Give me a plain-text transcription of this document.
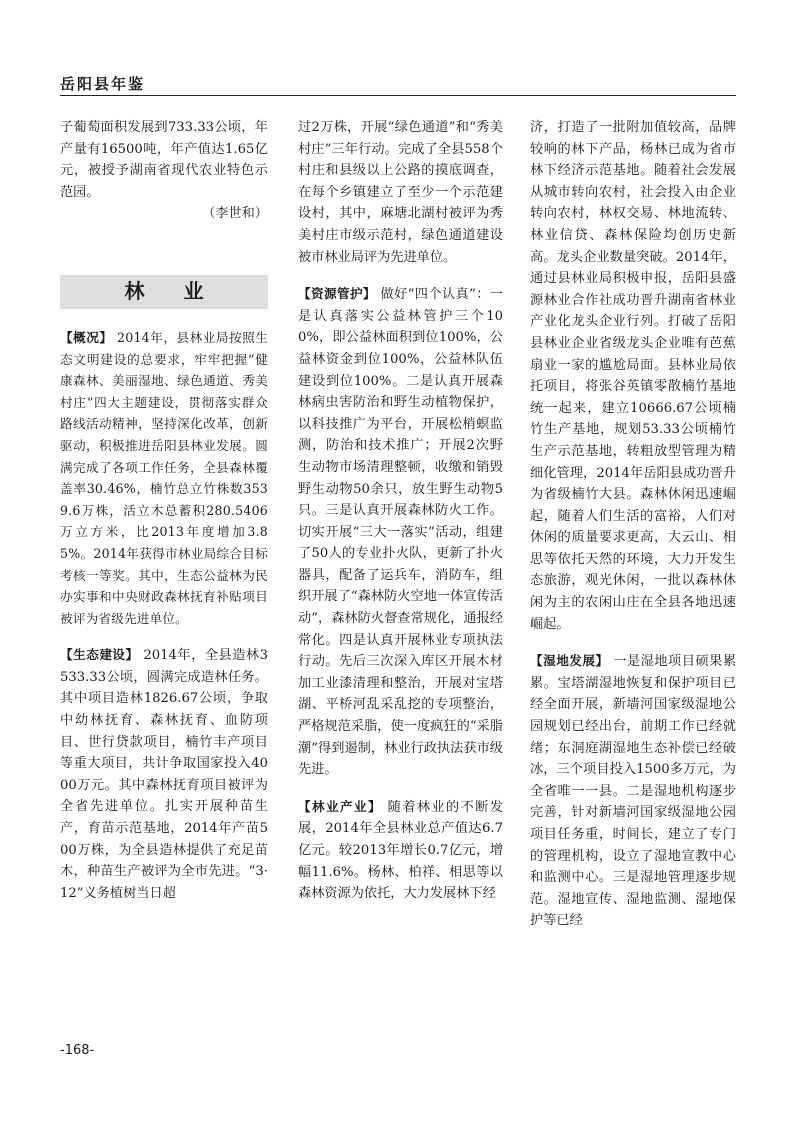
岳阳县年鉴

子葡萄面积发展到733.33公顷，年产量有16500吨，年产值达1.65亿元，被授予湖南省现代农业特色示范园。

（李世和）

林 业

【概况】 2014年，县林业局按照生态文明建设的总要求，牢牢把握“健康森林、美丽湿地、绿色通道、秀美村庄”四大主题建设，贯彻落实群众路线活动精神，坚持深化改革，创新驱动，积极推进岳阳县林业发展。圆满完成了各项工作任务，全县森林覆盖率30.46%，楠竹总立竹株数3539.6万株，活立木总蓄积280.5406万立方米，比2013年度增加3.85%。2014年获得市林业局综合目标考核一等奖。其中，生态公益林为民办实事和中央财政森林抚育补贴项目被评为省级先进单位。

【生态建设】 2014年，全县造林3533.33公顷，圆满完成造林任务。其中项目造林1826.67公顷，争取中幼林抚育、森林抚育、血防项目、世行贷款项目，楠竹丰产项目等重大项目，共计争取国家投入4000万元。其中森林抚育项目被评为全省先进单位。扎实开展种苗生产，育苗示范基地，2014年产苗500万株，为全县造林提供了充足苗木，种苗生产被评为全市先进。“3·12”义务植树当日超

过2万株，开展“绿色通道”和“秀美村庄”三年行动。完成了全县558个村庄和县级以上公路的摸底调查，在每个乡镇建立了至少一个示范建设村，其中，麻塘北湖村被评为秀美村庄市级示范村，绿色通道建设被市林业局评为先进单位。

【资源管护】 做好“四个认真”：一是认真落实公益林管护三个100%，即公益林面积到位100%，公益林资金到位100%，公益林队伍建设到位100%。二是认真开展森林病虫害防治和野生动植物保护，以科技推广为平台，开展松梢螟监测，防治和技术推广；开展2次野生动物市场清理整顿，收缴和销毁野生动物50余只，放生野生动物5只。三是认真开展森林防火工作。切实开展“三大一落实”活动，组建了50人的专业扑火队，更新了扑火器具，配备了运兵车，消防车，组织开展了“森林防火空地一体宣传活动”，森林防火督查常规化，通报经常化。四是认真开展林业专项执法行动。先后三次深入库区开展木材加工业漆清理和整治，开展对宝塔湖、平桥河乱采乱挖的专项整治，严格规范采脂，使一度疯狂的“采脂潮”得到遏制，林业行政执法获市级先进。

【林业产业】 随着林业的不断发展，2014年全县林业总产值达6.7亿元。较2013年增长0.7亿元，增幅11.6%。杨林、柏祥、相思等以森林资源为依托，大力发展林下经

济，打造了一批附加值较高，品牌较响的林下产品，杨林已成为省市林下经济示范基地。随着社会发展从城市转向农村，社会投入由企业转向农村，林权交易、林地流转、林业信贷、森林保险均创历史新高。龙头企业数量突破。2014年，通过县林业局积极申报，岳阳县盛源林业合作社成功晋升湖南省林业产业化龙头企业行列。打破了岳阳县林业企业省级龙头企业唯有芭蕉扇业一家的尴尬局面。县林业局依托项目，将张谷英镇零散楠竹基地统一起来，建立10666.67公顷楠竹生产基地，规划53.33公顷楠竹生产示范基地，转粗放型管理为精细化管理，2014年岳阳县成功晋升为省级楠竹大县。森林休闲迅速崛起，随着人们生活的富裕，人们对休闲的质量要求更高，大云山、相思等依托天然的环境，大力开发生态旅游，观光休闲，一批以森林休闲为主的农闲山庄在全县各地迅速崛起。

【湿地发展】 一是湿地项目硕果累累。宝塔湖湿地恢复和保护项目已经全面开展，新墙河国家级湿地公园规划已经出台，前期工作已经就绪；东洞庭湖湿地生态补偿已经破冰，三个项目投入1500多万元，为全省唯一一县。二是湿地机构逐步完善，针对新墙河国家级湿地公园项目任务重，时间长，建立了专门的管理机构，设立了湿地宣教中心和监测中心。三是湿地管理逐步规范。湿地宣传、湿地监测、湿地保护等已经

-168-
